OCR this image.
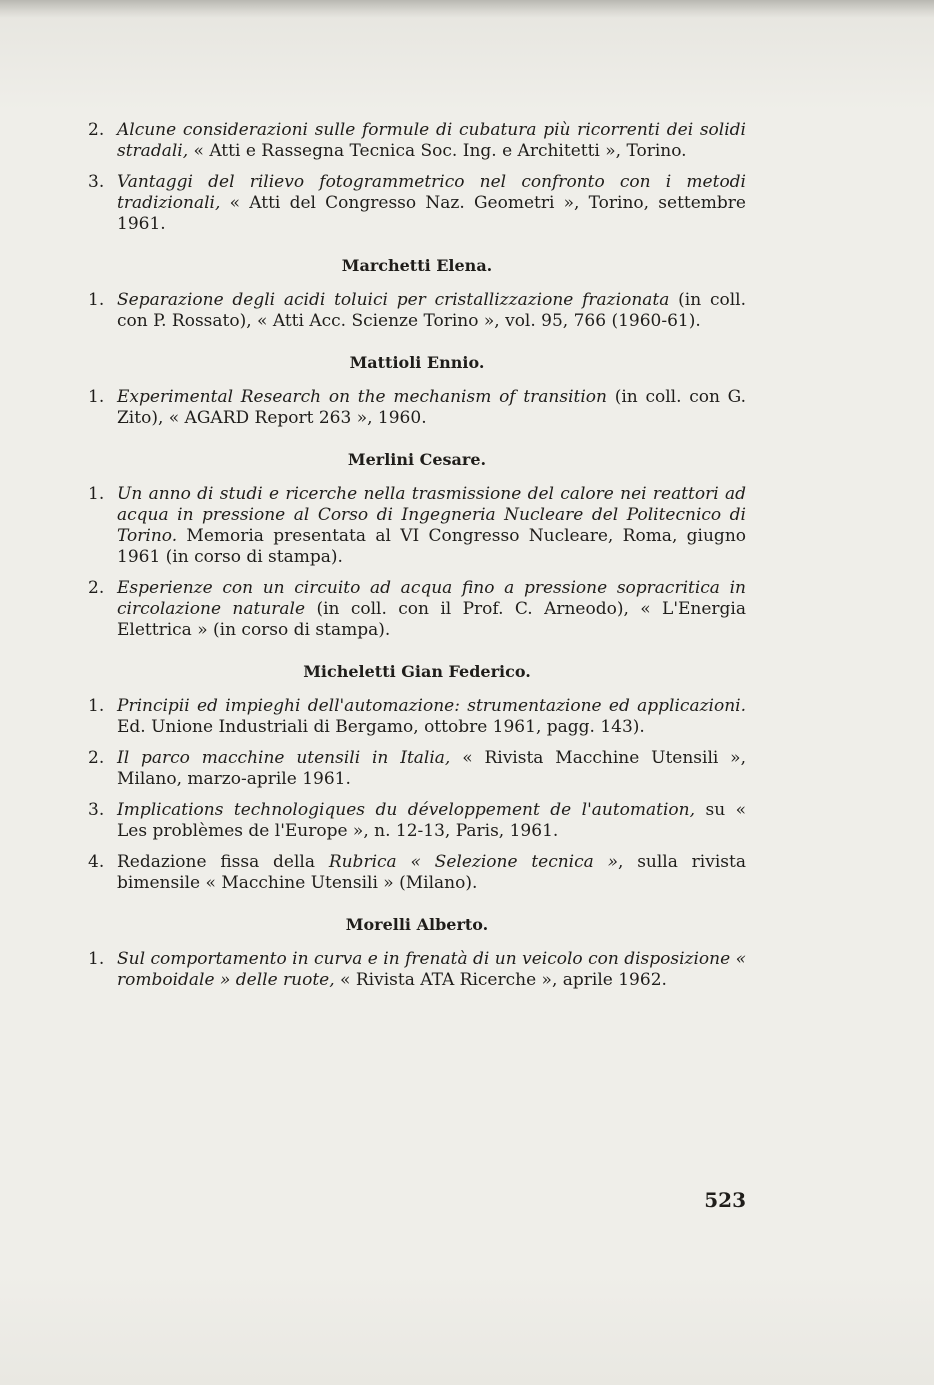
2. Alcune considerazioni sulle formule di cubatura più ricorrenti dei solidi stradali, « Atti e Rassegna Tecnica Soc. Ing. e Architetti », Torino.
3. Vantaggi del rilievo fotogrammetrico nel confronto con i metodi tradizionali, « Atti del Congresso Naz. Geometri », Torino, settembre 1961.
Marchetti Elena.
1. Separazione degli acidi toluici per cristallizzazione frazionata (in coll. con P. Rossato), « Atti Acc. Scienze Torino », vol. 95, 766 (1960-61).
Mattioli Ennio.
1. Experimental Research on the mechanism of transition (in coll. con G. Zito), « AGARD Report 263 », 1960.
Merlini Cesare.
1. Un anno di studi e ricerche nella trasmissione del calore nei reattori ad acqua in pressione al Corso di Ingegneria Nucleare del Politecnico di Torino. Memoria presentata al VI Congresso Nucleare, Roma, giugno 1961 (in corso di stampa).
2. Esperienze con un circuito ad acqua fino a pressione sopracritica in circolazione naturale (in coll. con il Prof. C. Arneodo), « L'Energia Elettrica » (in corso di stampa).
Micheletti Gian Federico.
1. Principii ed impieghi dell'automazione: strumentazione ed applicazioni. Ed. Unione Industriali di Bergamo, ottobre 1961, pagg. 143).
2. Il parco macchine utensili in Italia, « Rivista Macchine Utensili », Milano, marzo-aprile 1961.
3. Implications technologiques du développement de l'automation, su « Les problèmes de l'Europe », n. 12-13, Paris, 1961.
4. Redazione fissa della Rubrica « Selezione tecnica », sulla rivista bimensile « Macchine Utensili » (Milano).
Morelli Alberto.
1. Sul comportamento in curva e in frenatà di un veicolo con disposizione « romboidale » delle ruote, « Rivista ATA Ricerche », aprile 1962.
523
